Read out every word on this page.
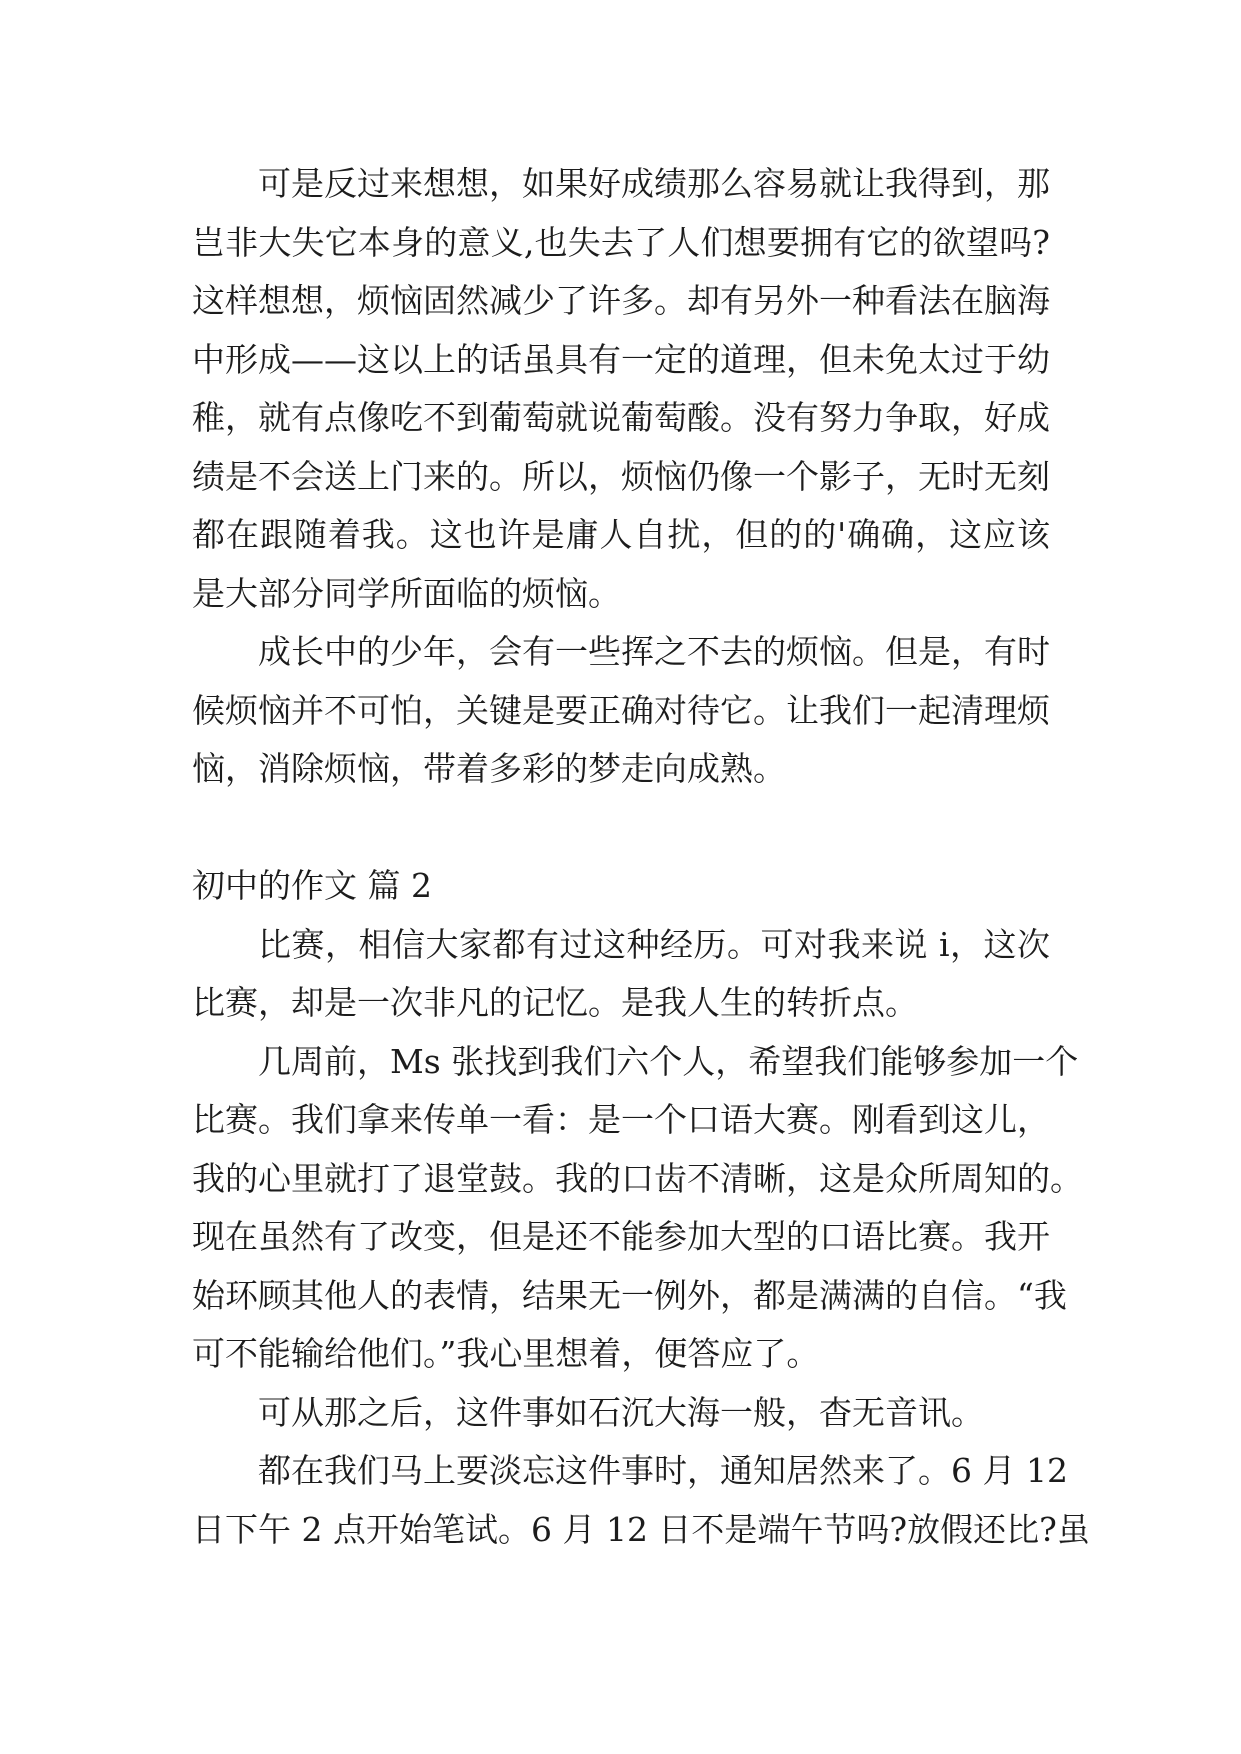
可是反过来想想，如果好成绩那么容易就让我得到，那
岂非大失它本身的意义,也失去了人们想要拥有它的欲望吗?
这样想想，烦恼固然减少了许多。却有另外一种看法在脑海
中形成——这以上的话虽具有一定的道理，但未免太过于幼
稚，就有点像吃不到葡萄就说葡萄酸。没有努力争取，好成
绩是不会送上门来的。所以，烦恼仍像一个影子，无时无刻
都在跟随着我。这也许是庸人自扰，但的的'确确，这应该
是大部分同学所面临的烦恼。
成长中的少年，会有一些挥之不去的烦恼。但是，有时
候烦恼并不可怕，关键是要正确对待它。让我们一起清理烦
恼，消除烦恼，带着多彩的梦走向成熟。
初中的作文 篇 2
比赛，相信大家都有过这种经历。可对我来说 i，这次
比赛，却是一次非凡的记忆。是我人生的转折点。
几周前，Ms 张找到我们六个人，希望我们能够参加一个
比赛。我们拿来传单一看：是一个口语大赛。刚看到这儿，
我的心里就打了退堂鼓。我的口齿不清晰，这是众所周知的。
现在虽然有了改变，但是还不能参加大型的口语比赛。我开
始环顾其他人的表情，结果无一例外，都是满满的自信。“我
可不能输给他们。”我心里想着，便答应了。
可从那之后，这件事如石沉大海一般，杳无音讯。
都在我们马上要淡忘这件事时，通知居然来了。6 月 12
日下午 2 点开始笔试。6 月 12 日不是端午节吗?放假还比?虽
